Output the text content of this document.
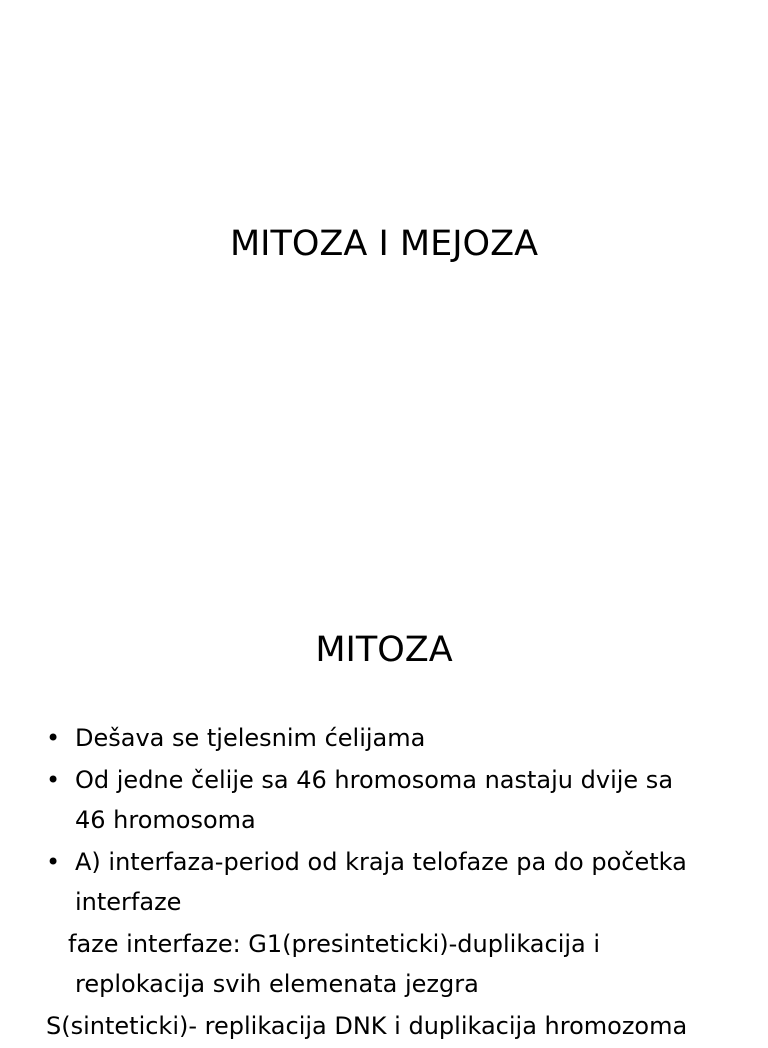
MITOZA I MEJOZA
MITOZA
• Dešava se tjelesnim ćelijama
• Od jedne čelije sa 46 hromosoma nastaju dvije sa
46 hromosoma
• A) interfaza-period od kraja telofaze pa do početka
interfaze
faze interfaze: G1(presinteticki)-duplikacija i
replokacija svih elemenata jezgra
S(sinteticki)- replikacija DNK i duplikacija hromozoma
